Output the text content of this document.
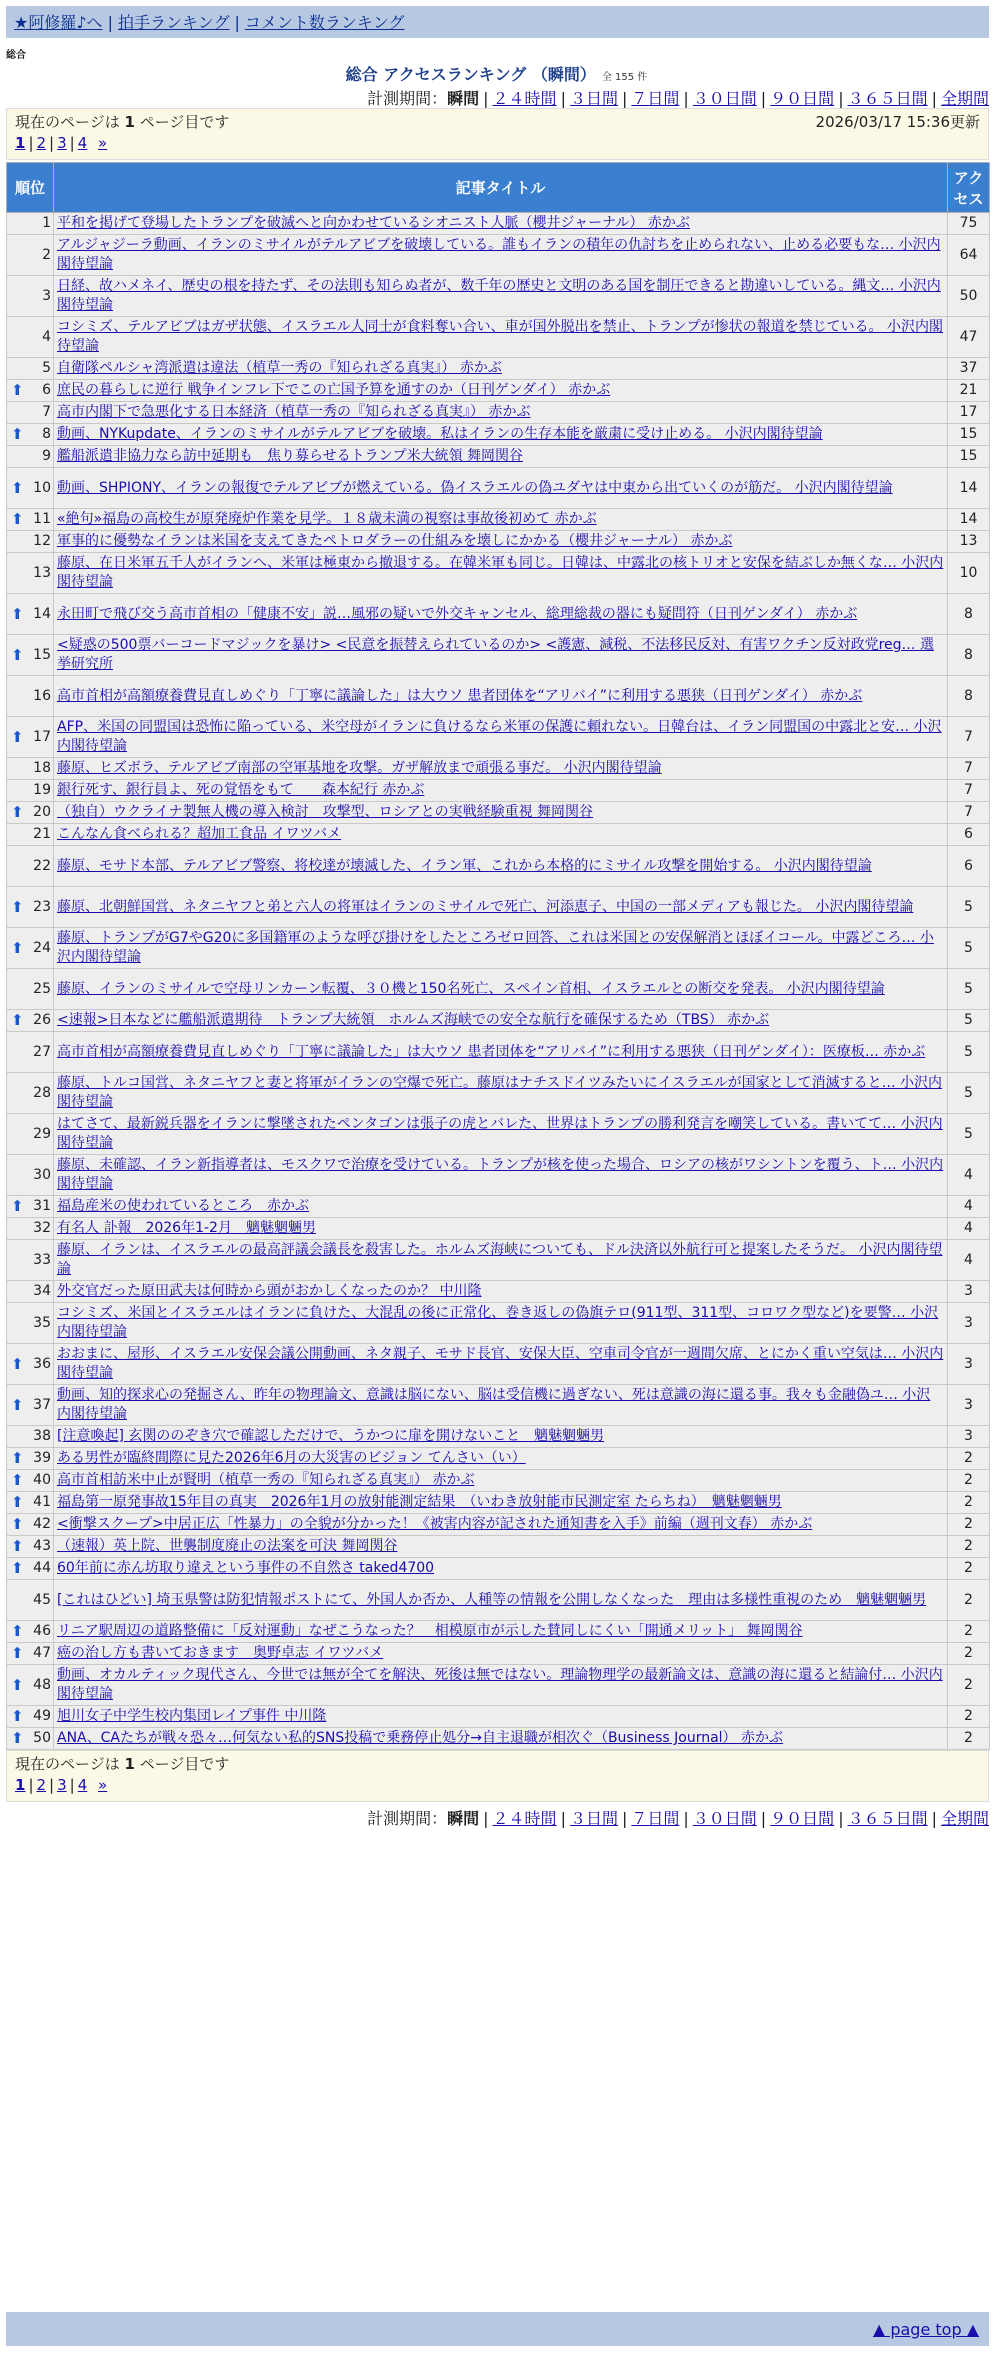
★阿修羅♪へ | 拍手ランキング | コメント数ランキング
総合
総合 アクセスランキング （瞬間） 全 155 件
計測期間：瞬間 | ２４時間 | ３日間 | ７日間 | ３０日間 | ９０日間 | ３６５日間 | 全期間
現在のページは 1 ページ目です	2026/03/17 15:36更新
1 | 2 | 3 | 4 »
順位	記事タイトル	アクセス
1	平和を掲げて登場したトランプを破滅へと向かわせているシオニスト人脈（櫻井ジャーナル） 赤かぶ	75
2	アルジャジーラ動画、イランのミサイルがテルアビブを破壊している。誰もイランの積年の仇討ちを止められない、止める必要もな… 小沢内閣待望論	64
3	日経、故ハメネイ、歴史の根を持たず、その法則も知らぬ者が、数千年の歴史と文明のある国を制圧できると勘違いしている。縄文… 小沢内閣待望論	50
4	コシミズ、テルアビブはガザ状態、イスラエル人同士が食料奪い合い、車が国外脱出を禁止、トランプが惨状の報道を禁じている。 小沢内閣待望論	47
5	自衛隊ペルシャ湾派遣は違法（植草一秀の『知られざる真実』） 赤かぶ	37

⬆ 6	庶民の暮らしに逆行 戦争インフレ下でこの亡国予算を通すのか（日刊ゲンダイ） 赤かぶ	21
7	高市内閣下で急悪化する日本経済（植草一秀の『知られざる真実』） 赤かぶ	17

⬆ 8	動画、NYKupdate、イランのミサイルがテルアビブを破壊。私はイランの生存本能を厳粛に受け止める。 小沢内閣待望論	15
9	艦船派遣非協力なら訪中延期も　焦り募らせるトランプ米大統領 舞岡関谷	15

⬆ 10	動画、SHPIONY、イランの報復でテルアビブが燃えている。偽イスラエルの偽ユダヤは中東から出ていくのが筋だ。 小沢内閣待望論	14

⬆ 11	«絶句»福島の高校生が原発廃炉作業を見学。１８歳未満の視察は事故後初めて 赤かぶ	14
12	軍事的に優勢なイランは米国を支えてきたペトロダラーの仕組みを壊しにかかる（櫻井ジャーナル） 赤かぶ	13
13	藤原、在日米軍五千人がイランへ、米軍は極東から撤退する。在韓米軍も同じ。日韓は、中露北の核トリオと安保を結ぶしか無くな… 小沢内閣待望論	10

⬆ 14	永田町で飛び交う高市首相の「健康不安」説…風邪の疑いで外交キャンセル、総理総裁の器にも疑問符（日刊ゲンダイ） 赤かぶ	8

⬆ 15	<疑惑の500票バーコードマジックを暴け> <民意を振替えられているのか> <護憲、減税、不法移民反対、有害ワクチン反対政党reg… 選挙研究所	8
16	高市首相が高額療養費見直しめぐり「丁寧に議論した」は大ウソ 患者団体を“アリバイ”に利用する悪狭（日刊ゲンダイ） 赤かぶ	8

⬆ 17	AFP、米国の同盟国は恐怖に陥っている、米空母がイランに負けるなら米軍の保護に頼れない。日韓台は、イラン同盟国の中露北と安… 小沢内閣待望論	7
18	藤原、ヒズボラ、テルアビブ南部の空軍基地を攻撃。ガザ解放まで頑張る事だ。 小沢内閣待望論	7
19	銀行死す、銀行員よ、死の覚悟をもて　　森本紀行 赤かぶ	7

⬆ 20	（独自）ウクライナ製無人機の導入検討　攻撃型、ロシアとの実戦経験重視 舞岡関谷	7
21	こんなん食べられる？超加工食品 イワツバメ	6
22	藤原、モサド本部、テルアビブ警察、将校達が壊滅した、イラン軍、これから本格的にミサイル攻撃を開始する。 小沢内閣待望論	6

⬆ 23	藤原、北朝鮮国営、ネタニヤフと弟と六人の将軍はイランのミサイルで死亡、河添恵子、中国の一部メディアも報じた。 小沢内閣待望論	5

⬆ 24	藤原、トランプがG7やG20に多国籍軍のような呼び掛けをしたところゼロ回答、これは米国との安保解消とほぼイコール。中露どころ… 小沢内閣待望論	5
25	藤原、イランのミサイルで空母リンカーン転覆、３０機と150名死亡、スペイン首相、イスラエルとの断交を発表。 小沢内閣待望論	5

⬆ 26	<速報>日本などに艦船派遣期待　トランプ大統領　ホルムズ海峡での安全な航行を確保するため（TBS） 赤かぶ	5
27	高市首相が高額療養費見直しめぐり「丁寧に議論した」は大ウソ 患者団体を“アリバイ”に利用する悪狭（日刊ゲンダイ）：医療板… 赤かぶ	5
28	藤原、トルコ国営、ネタニヤフと妻と将軍がイランの空爆で死亡。藤原はナチスドイツみたいにイスラエルが国家として消滅すると… 小沢内閣待望論	5
29	はてさて、最新鋭兵器をイランに撃墜されたペンタゴンは張子の虎とバレた、世界はトランプの勝利発言を嘲笑している。書いてて… 小沢内閣待望論	5
30	藤原、未確認、イラン新指導者は、モスクワで治療を受けている。トランプが核を使った場合、ロシアの核がワシントンを覆う、ト… 小沢内閣待望論	4

⬆ 31	福島産米の使われているところ　赤かぶ	4
32	有名人 訃報　2026年1-2月　魑魅魍魎男	4
33	藤原、イランは、イスラエルの最高評議会議長を殺害した。ホルムズ海峡についても、ドル決済以外航行可と提案したそうだ。 小沢内閣待望論	4
34	外交官だった原田武夫は何時から頭がおかしくなったのか？ 中川隆	3
35	コシミズ、米国とイスラエルはイランに負けた、大混乱の後に正常化、巻き返しの偽旗テロ(911型、311型、コロワク型など)を要警… 小沢内閣待望論	3

⬆ 36	おおまに、屋形、イスラエル安保会議公開動画、ネタ親子、モサド長官、安保大臣、空車司令官が一週間欠席、とにかく重い空気は… 小沢内閣待望論	3

⬆ 37	動画、知的探求心の発掘さん、昨年の物理論文、意識は脳にない、脳は受信機に過ぎない、死は意識の海に還る事。我々も金融偽ユ… 小沢内閣待望論	3
38	[注意喚起] 玄関ののぞき穴で確認しただけで、うかつに扉を開けないこと　魑魅魍魎男	3

⬆ 39	ある男性が臨終間際に見た2026年6月の大災害のビジョン てんさい（い）	2

⬆ 40	高市首相訪米中止が賢明（植草一秀の『知られざる真実』） 赤かぶ	2

⬆ 41	福島第一原発事故15年目の真実　2026年1月の放射能測定結果　（いわき放射能市民測定室 たらちね）　魑魅魍魎男	2

⬆ 42	<衝撃スクープ>中居正広「性暴力」の全貌が分かった！《被害内容が記された通知書を入手》前編（週刊文春） 赤かぶ	2

⬆ 43	（速報）英上院、世襲制度廃止の法案を可決 舞岡関谷	2

⬆ 44	60年前に赤ん坊取り違えという事件の不自然さ taked4700	2
45	[これはひどい] 埼玉県警は防犯情報ポストにて、外国人か否か、人種等の情報を公開しなくなった　理由は多様性重視のため　魑魅魍魎男	2

⬆ 46	リニア駅周辺の道路整備に「反対運動」なぜこうなった？　相模原市が示した賛同しにくい「開通メリット」 舞岡関谷	2

⬆ 47	癌の治し方も書いておきます　奥野卓志 イワツバメ	2

⬆ 48	動画、オカルティック現代さん、今世では無が全てを解決、死後は無ではない。理論物理学の最新論文は、意識の海に還ると結論付… 小沢内閣待望論	2

⬆ 49	旭川女子中学生校内集団レイプ事件 中川隆	2

⬆ 50	ANA、CAたちが戦々恐々…何気ない私的SNS投稿で乗務停止処分→自主退職が相次ぐ（Business Journal） 赤かぶ	2
計測期間：瞬間 | ２４時間 | ３日間 | ７日間 | ３０日間 | ９０日間 | ３６５日間 | 全期間
▲ page top ▲
現在のページは 1 ページ目です
1 | 2 | 3 | 4 »
